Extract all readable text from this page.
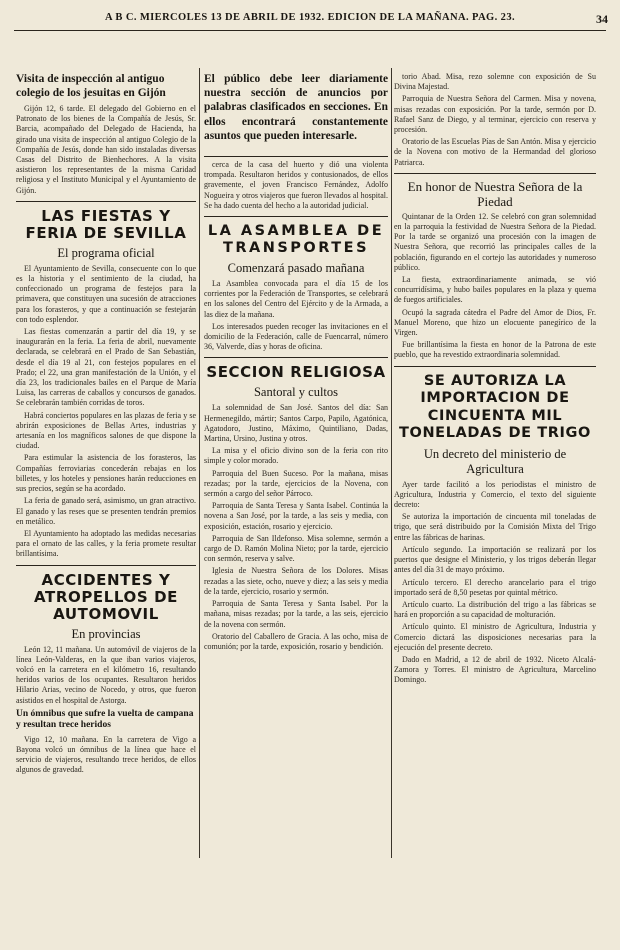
A B C. MIERCOLES 13 DE ABRIL DE 1932. EDICION DE LA MAÑANA. PAG. 23.	34
Visita de inspección al antiguo colegio de los jesuitas en Gijón
Gijón 12, 6 tarde. El delegado del Gobierno en el Patronato de los bienes de la Compañía de Jesús, Sr. Barcia, acompañado del Delegado de Hacienda, ha girado una visita de inspección al antiguo Colegio de la Compañía de Jesús, donde han sido instaladas diversas Casas del Distrito de Bienhechores. A la visita asistieron los representantes de la misma Caridad religiosa y el Instituto Municipal y el Ayuntamiento de Gijón.
LAS FIESTAS Y FERIA DE SEVILLA
El programa oficial
El Ayuntamiento de Sevilla, consecuente con lo que es la historia y el sentimiento de la ciudad, ha confeccionado un programa de festejos para la primavera, que constituyen una sucesión de atracciones para los forasteros, y que a continuación se festejarán con todo esplendor.
Las fiestas comenzarán a partir del día 19, y se inaugurarán en la feria. La feria de abril, nuevamente declarada, se celebrará en el Prado de San Sebastián, desde el día 19 al 21, con festejos populares en el Prado; el 22, una gran manifestación de la Unión, y el día 23, los tradicionales bailes en el Parque de María Luisa, las carreras de caballos y concursos de ganados. Se celebrarán también corridas de toros.
Habrá conciertos populares en las plazas de feria y se abrirán exposiciones de Bellas Artes, industrias y artesanía en los magníficos salones de que dispone la ciudad.
Para estimular la asistencia de los forasteros, las Compañías ferroviarias concederán rebajas en los billetes, y los hoteles y pensiones harán reducciones en sus precios, según se ha acordado.
La feria de ganado será, asimismo, un gran atractivo. El ganado y las reses que se presenten tendrán premios en metálico.
El Ayuntamiento ha adoptado las medidas necesarias para el ornato de las calles, y la feria promete resultar brillantísima.
ACCIDENTES Y ATROPELLOS DE AUTOMOVIL
En provincias
León 12, 11 mañana. Un automóvil de viajeros de la línea León-Valderas, en la que iban varios viajeros, volcó en la carretera en el kilómetro 16, resultando heridos varios de los ocupantes. Resultaron heridos Hilario Arias, vecino de Nocedo, y otros, que fueron asistidos en el hospital de Astorga.
Un ómnibus que sufre la vuelta de campana y resultan trece heridos
Vigo 12, 10 mañana. En la carretera de Vigo a Bayona volcó un ómnibus de la línea que hace el servicio de viajeros, resultando trece heridos, de ellos algunos de gravedad.
El público debe leer diariamente nuestra sección de anuncios por palabras clasificados en secciones. En ellos encontrará constantemente asuntos que pueden interesarle.
cerca de la casa del huerto y dió una violenta trompada. Resultaron heridos y contusionados, de ellos gravemente, el joven Francisco Fernández, Adolfo Nogueira y otros viajeros que fueron llevados al hospital. Se ha dado cuenta del hecho a la autoridad judicial.
LA ASAMBLEA DE TRANSPORTES
Comenzará pasado mañana
La Asamblea convocada para el día 15 de los corrientes por la Federación de Transportes, se celebrará en los salones del Centro del Ejército y de la Armada, a las diez de la mañana.
Los interesados pueden recoger las invitaciones en el domicilio de la Federación, calle de Fuencarral, número 36, Valverde, días y horas de oficina.
SECCION RELIGIOSA
Santoral y cultos
La solemnidad de San José. Santos del día: San Hermenegildo, mártir; Santos Carpo, Papilo, Agatónica, Agatodoro, Justino, Máximo, Quintiliano, Dadas, Martina, Ursino, Justina y otros.
La misa y el oficio divino son de la feria con rito simple y color morado.
Parroquia del Buen Suceso. Por la mañana, misas rezadas; por la tarde, ejercicios de la Novena, con sermón a cargo del señor Párroco.
Parroquia de Santa Teresa y Santa Isabel. Continúa la novena a San José, por la tarde, a las seis y media, con exposición, estación, rosario y ejercicio.
Parroquia de San Ildefonso. Misa solemne, sermón a cargo de D. Ramón Molina Nieto; por la tarde, ejercicio con sermón, reserva y salve.
Iglesia de Nuestra Señora de los Dolores. Misas rezadas a las siete, ocho, nueve y diez; a las seis y media de la tarde, ejercicio, rosario y sermón.
Parroquia de Santa Teresa y Santa Isabel. Por la mañana, misas rezadas; por la tarde, a las seis, ejercicio de la novena con sermón.
Oratorio del Caballero de Gracia. A las ocho, misa de comunión; por la tarde, exposición, rosario y bendición.
torio Abad. Misa, rezo solemne con exposición de Su Divina Majestad.
Parroquia de Nuestra Señora del Carmen. Misa y novena, misas rezadas con exposición. Por la tarde, sermón por D. Rafael Sanz de Diego, y al terminar, ejercicio con reserva y procesión.
Oratorio de las Escuelas Pías de San Antón. Misa y ejercicio de la Novena con motivo de la Hermandad del glorioso Patriarca.
En honor de Nuestra Señora de la Piedad
Quintanar de la Orden 12. Se celebró con gran solemnidad en la parroquia la festividad de Nuestra Señora de la Piedad. Por la tarde se organizó una procesión con la imagen de Nuestra Señora, que recorrió las principales calles de la población, figurando en el cortejo las autoridades y numeroso público.
La fiesta, extraordinariamente animada, se vió concurridísima, y hubo bailes populares en la plaza y quema de fuegos artificiales.
Ocupó la sagrada cátedra el Padre del Amor de Dios, Fr. Manuel Moreno, que hizo un elocuente panegírico de la Virgen.
Fue brillantísima la fiesta en honor de la Patrona de este pueblo, que ha revestido extraordinaria solemnidad.
SE AUTORIZA LA IMPORTACION DE CINCUENTA MIL TONELADAS DE TRIGO
Un decreto del ministerio de Agricultura
Ayer tarde facilitó a los periodistas el ministro de Agricultura, Industria y Comercio, el texto del siguiente decreto:
Se autoriza la importación de cincuenta mil toneladas de trigo, que será distribuido por la Comisión Mixta del Trigo entre las fábricas de harinas.
Artículo segundo. La importación se realizará por los puertos que designe el Ministerio, y los trigos deberán llegar antes del día 31 de mayo próximo.
Artículo tercero. El derecho arancelario para el trigo importado será de 8,50 pesetas por quintal métrico.
Artículo cuarto. La distribución del trigo a las fábricas se hará en proporción a su capacidad de molturación.
Artículo quinto. El ministro de Agricultura, Industria y Comercio dictará las disposiciones necesarias para la ejecución del presente decreto.
Dado en Madrid, a 12 de abril de 1932. Niceto Alcalá-Zamora y Torres. El ministro de Agricultura, Marcelino Domingo.
